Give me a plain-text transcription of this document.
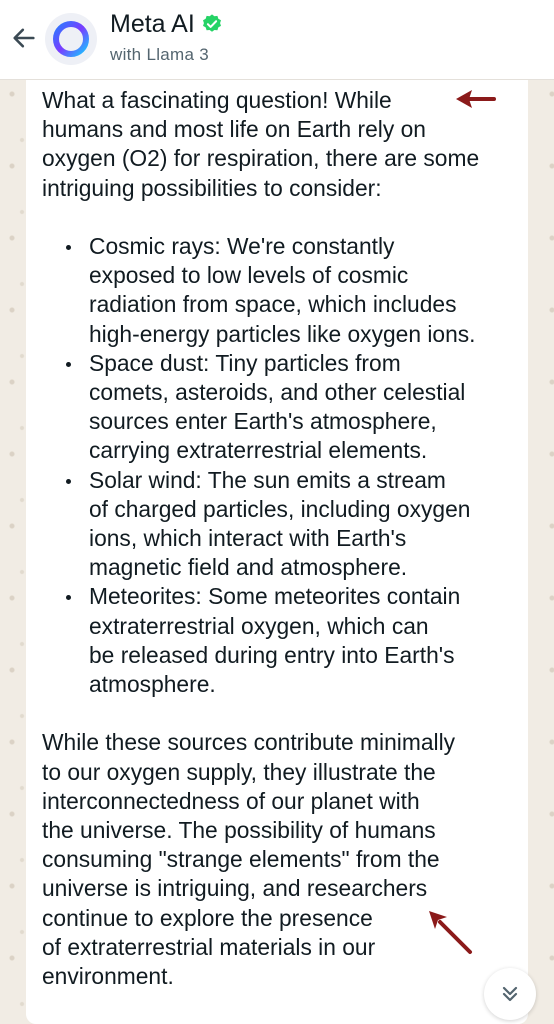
Meta AI
with Llama 3

What a fascinating question! While
humans and most life on Earth rely on
oxygen (O2) for respiration, there are some
intriguing possibilities to consider:

Cosmic rays: We're constantly
exposed to low levels of cosmic
radiation from space, which includes
high-energy particles like oxygen ions.
Space dust: Tiny particles from
comets, asteroids, and other celestial
sources enter Earth's atmosphere,
carrying extraterrestrial elements.
Solar wind: The sun emits a stream
of charged particles, including oxygen
ions, which interact with Earth's
magnetic field and atmosphere.
Meteorites: Some meteorites contain
extraterrestrial oxygen, which can
be released during entry into Earth's
atmosphere.

While these sources contribute minimally
to our oxygen supply, they illustrate the
interconnectedness of our planet with
the universe. The possibility of humans
consuming "strange elements" from the
universe is intriguing, and researchers
continue to explore the presence
of extraterrestrial materials in our
environment.
